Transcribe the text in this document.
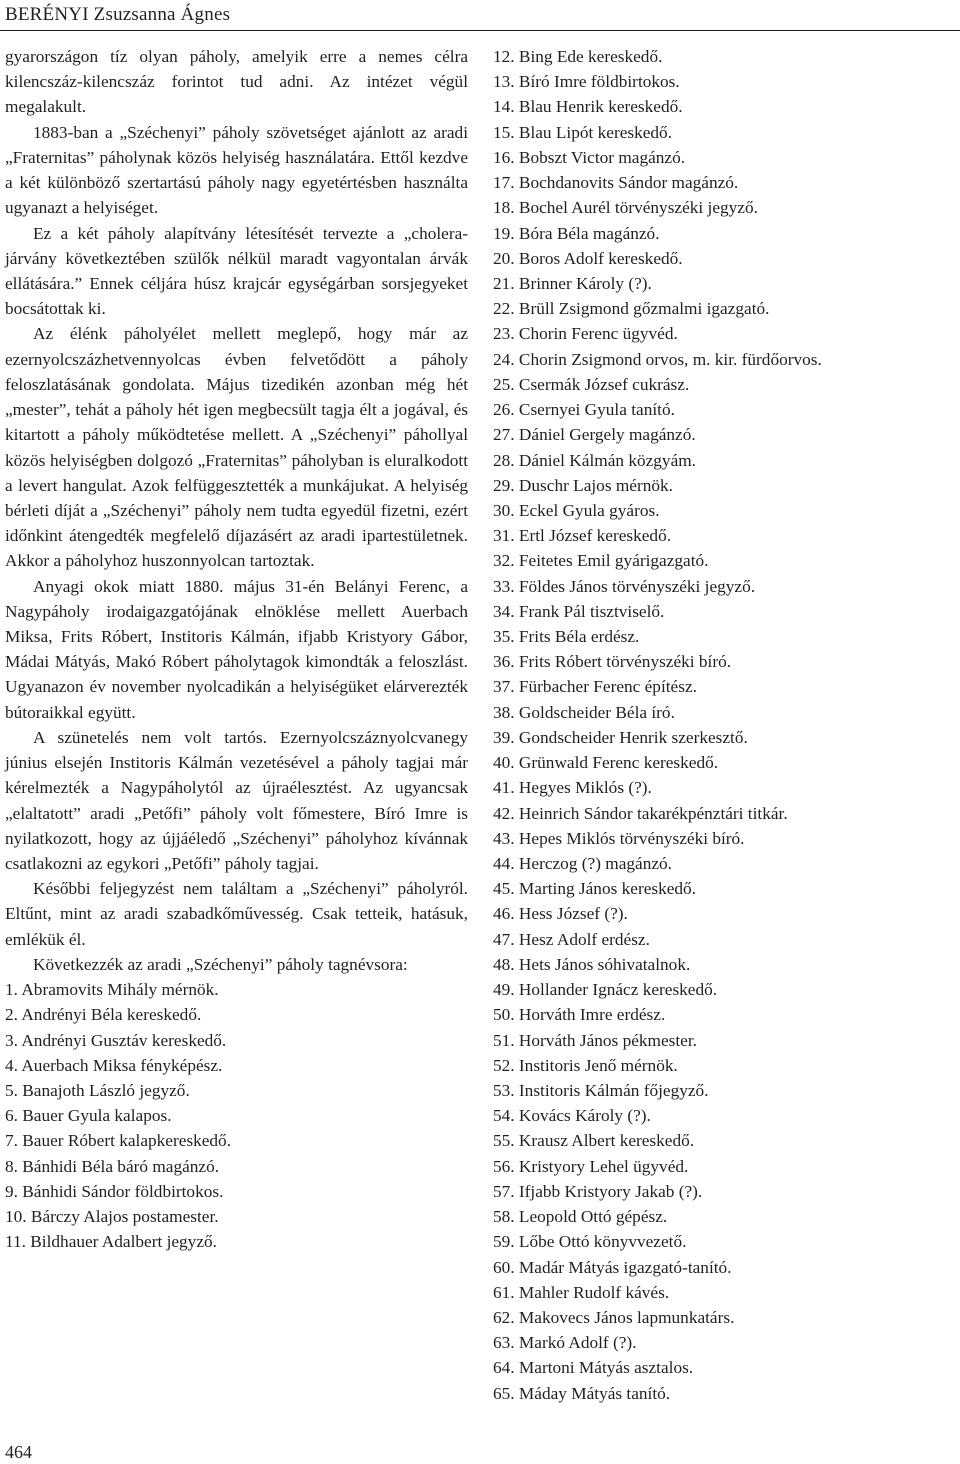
BERÉNYI Zsuzsanna Ágnes

gyarországon tíz olyan páholy, amelyik erre a nemes célra kilencszáz-kilencszáz forintot tud adni. Az intézet végül megalakult.

1883-ban a „Széchenyi” páholy szövetséget ajánlott az aradi „Fraternitas” páholynak közös helyiség használatára. Ettől kezdve a két különböző szertartású páholy nagy egyetértésben használta ugyanazt a helyiséget.

Ez a két páholy alapítvány létesítését tervezte a „cholera-járvány következtében szülők nélkül maradt vagyontalan árvák ellátására.” Ennek céljára húsz krajcár egységárban sorsjegyeket bocsátottak ki.

Az élénk páholyélet mellett meglepő, hogy már az ezernyolcszázhetvennyolcas évben felvetődött a páholy feloszlatásának gondolata. Május tizedikén azonban még hét „mester”, tehát a páholy hét igen megbecsült tagja élt a jogával, és kitartott a páholy működtetése mellett. A „Széchenyi” páhollyal közös helyiségben dolgozó „Fraternitas” páholyban is eluralkodott a levert hangulat. Azok felfüggesztették a munkájukat. A helyiség bérleti díját a „Széchenyi” páholy nem tudta egyedül fizetni, ezért időnkint átengedték megfelelő díjazásért az aradi ipartestületnek. Akkor a páholyhoz huszonnyolcan tartoztak.

Anyagi okok miatt 1880. május 31-én Belányi Ferenc, a Nagypáholy irodaigazgatójának elnöklése mellett Auerbach Miksa, Frits Róbert, Institoris Kálmán, ifjabb Kristyory Gábor, Mádai Mátyás, Makó Róbert páholytagok kimondták a feloszlást. Ugyanazon év november nyolcadikán a helyiségüket elárverezték bútoraikkal együtt.

A szünetelés nem volt tartós. Ezernyolcszáznyolcvanegy június elsején Institoris Kálmán vezetésével a páholy tagjai már kérelmezték a Nagypáholytól az újraélesztést. Az ugyancsak „elaltatott” aradi „Petőfi” páholy volt főmestere, Bíró Imre is nyilatkozott, hogy az újjáéledő „Széchenyi” páholyhoz kívánnak csatlakozni az egykori „Petőfi” páholy tagjai.

Későbbi feljegyzést nem találtam a „Széchenyi” páholyról. Eltűnt, mint az aradi szabadkőművesség. Csak tetteik, hatásuk, emlékük él.

Következzék az aradi „Széchenyi” páholy tagnévsora:

1. Abramovits Mihály mérnök.
2. Andrényi Béla kereskedő.
3. Andrényi Gusztáv kereskedő.
4. Auerbach Miksa fényképész.
5. Banajoth László jegyző.
6. Bauer Gyula kalapos.
7. Bauer Róbert kalapkereskedő.
8. Bánhidi Béla báró magánzó.
9. Bánhidi Sándor földbirtokos.
10. Bárczy Alajos postamester.
11. Bildhauer Adalbert jegyző.
12. Bing Ede kereskedő.
13. Bíró Imre földbirtokos.
14. Blau Henrik kereskedő.
15. Blau Lipót kereskedő.
16. Bobszt Victor magánzó.
17. Bochdanovits Sándor magánzó.
18. Bochel Aurél törvényszéki jegyző.
19. Bóra Béla magánzó.
20. Boros Adolf kereskedő.
21. Brinner Károly (?).
22. Brüll Zsigmond gőzmalmi igazgató.
23. Chorin Ferenc ügyvéd.
24. Chorin Zsigmond orvos, m. kir. fürdőorvos.
25. Csermák József cukrász.
26. Csernyei Gyula tanító.
27. Dániel Gergely magánzó.
28. Dániel Kálmán közgyám.
29. Duschr Lajos mérnök.
30. Eckel Gyula gyáros.
31. Ertl József kereskedő.
32. Feitetes Emil gyárigazgató.
33. Földes János törvényszéki jegyző.
34. Frank Pál tisztviselő.
35. Frits Béla erdész.
36. Frits Róbert törvényszéki bíró.
37. Fürbacher Ferenc építész.
38. Goldscheider Béla író.
39. Gondscheider Henrik szerkesztő.
40. Grünwald Ferenc kereskedő.
41. Hegyes Miklós (?).
42. Heinrich Sándor takarékpénztári titkár.
43. Hepes Miklós törvényszéki bíró.
44. Herczog (?) magánzó.
45. Marting János kereskedő.
46. Hess József (?).
47. Hesz Adolf erdész.
48. Hets János sóhivatalnok.
49. Hollander Ignácz kereskedő.
50. Horváth Imre erdész.
51. Horváth János pékmester.
52. Institoris Jenő mérnök.
53. Institoris Kálmán főjegyző.
54. Kovács Károly (?).
55. Krausz Albert kereskedő.
56. Kristyory Lehel ügyvéd.
57. Ifjabb Kristyory Jakab (?).
58. Leopold Ottó gépész.
59. Lőbe Ottó könyvvezető.
60. Madár Mátyás igazgató-tanító.
61. Mahler Rudolf kávés.
62. Makovecs János lapmunkatárs.
63. Markó Adolf (?).
64. Martoni Mátyás asztalos.
65. Máday Mátyás tanító.
464
